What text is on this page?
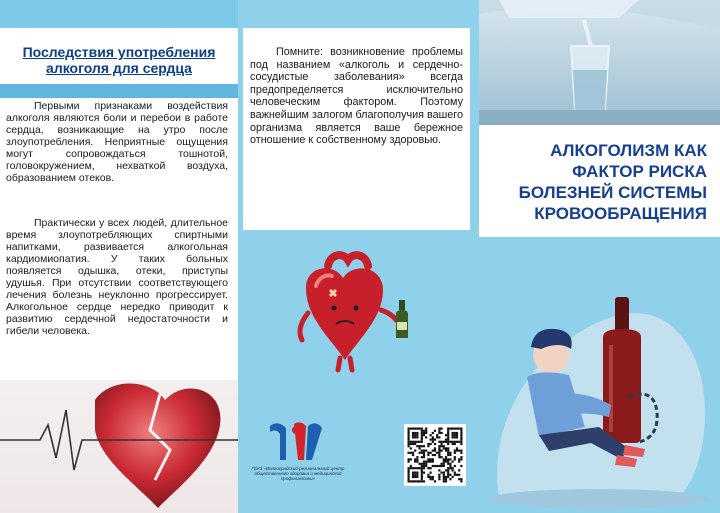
Последствия употребления алкоголя для сердца
Первыми признаками воздействия алкоголя являются боли и перебои в работе сердца, возникающие на утро после злоупотребления. Неприятные ощущения могут сопровождаться тошнотой, головокружением, нехваткой воздуха, образованием отеков.
Практически у всех людей, длительное время злоупотребляющих спиртными напитками, развивается алкогольная кардиомиопатия. У таких больных появляется одышка, отеки, приступы удушья. При отсутствии соответствующего лечения болезнь неуклонно прогрессирует. Алкогольное сердце нередко приводит к развитию сердечной недостаточности и гибели человека.
Помните: возникновение проблемы под названием «алкоголь и сердечно-сосудистые заболевания» всегда предопределяется исключительно человеческим фактором. Поэтому важнейшим залогом благополучия вашего организма является ваше бережное отношение к собственному здоровью.
ГБУЗ «Волгоградский региональный центр общественного здоровья и медицинской профилактики»
АЛКОГОЛИЗМ КАК ФАКТОР РИСКА БОЛЕЗНЕЙ СИСТЕМЫ КРОВООБРАЩЕНИЯ
